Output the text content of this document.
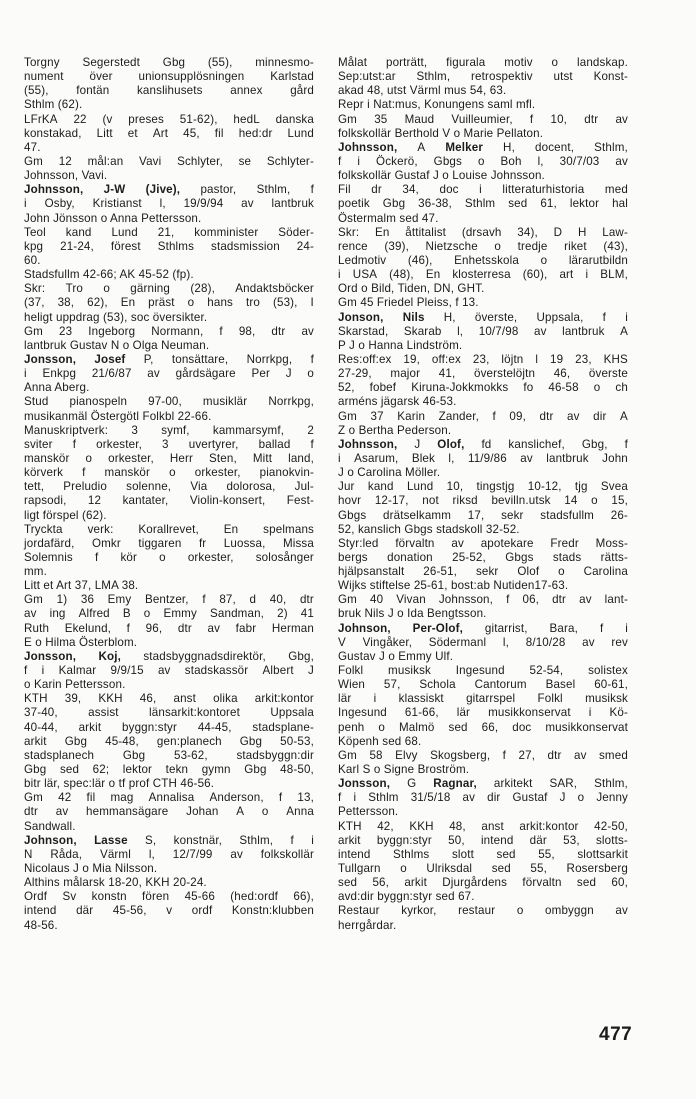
Torgny Segerstedt Gbg (55), minnesmo-
nument över unionsupplösningen Karlstad
(55), fontän kanslihusets annex gård
Sthlm (62).
LFrKA 22 (v preses 51-62), hedL danska
konstakad, Litt et Art 45, fil hed:dr Lund
47.
Gm 12 mål:an Vavi Schlyter, se Schlyter-
Johnsson, Vavi.
Johnsson, J-W (Jive), pastor, Sthlm, f
i Osby, Kristianst l, 19/9/94 av lantbruk
John Jönsson o Anna Pettersson.
Teol kand Lund 21, komminister Söder-
kpg 21-24, förest Sthlms stadsmission 24-
60.
Stadsfullm 42-66; AK 45-52 (fp).
Skr: Tro o gärning (28), Andaktsböcker
(37, 38, 62), En präst o hans tro (53), I
heligt uppdrag (53), soc översikter.
Gm 23 Ingeborg Normann, f 98, dtr av
lantbruk Gustav N o Olga Neuman.
Jonsson, Josef P, tonsättare, Norrkpg, f
i Enkpg 21/6/87 av gårdsägare Per J o
Anna Aberg.
Stud pianospeln 97-00, musiklär Norrkpg,
musikanmäl Östergötl Folkbl 22-66.
Manuskriptverk: 3 symf, kammarsymf, 2
sviter f orkester, 3 uvertyrer, ballad f
manskör o orkester, Herr Sten, Mitt land,
körverk f manskör o orkester, pianokvin-
tett, Preludio solenne, Via dolorosa, Jul-
rapsodi, 12 kantater, Violin-konsert, Fest-
ligt förspel (62).
Tryckta verk: Korallrevet, En spelmans
jordafärd, Omkr tiggaren fr Luossa, Missa
Solemnis f kör o orkester, solosånger
mm.
Litt et Art 37, LMA 38.
Gm 1) 36 Emy Bentzer, f 87, d 40, dtr
av ing Alfred B o Emmy Sandman, 2) 41
Ruth Ekelund, f 96, dtr av fabr Herman
E o Hilma Österblom.
Jonsson, Koj, stadsbyggnadsdirektör, Gbg,
f i Kalmar 9/9/15 av stadskassör Albert J
o Karin Pettersson.
KTH 39, KKH 46, anst olika arkit:kontor
37-40,	assist	länsarkit:kontoret	Uppsala
40-44, arkit byggn:styr 44-45, stadsplane-
arkit Gbg 45-48, gen:planech Gbg 50-53,
stadsplanech Gbg 53-62, stadsbyggn:dir
Gbg sed 62; lektor tekn gymn Gbg 48-50,
bitr lär, spec:lär o tf prof CTH 46-56.
Gm 42 fil mag Annalisa Anderson, f 13,
dtr av hemmansägare Johan A o Anna
Sandwall.
Johnson, Lasse S, konstnär, Sthlm, f i
N Råda, Värml l, 12/7/99 av folkskollär
Nicolaus J o Mia Nilsson.
Althins målarsk 18-20, KKH 20-24.
Ordf Sv konstn fören 45-66 (hed:ordf 66),
intend där 45-56, v ordf Konstn:klubben
48-56.
Målat porträtt, figurala motiv o landskap.
Sep:utst:ar Sthlm, retrospektiv utst Konst-
akad 48, utst Värml mus 54, 63.
Repr i Nat:mus, Konungens saml mfl.
Gm 35 Maud Vuilleumier, f 10, dtr av
folkskollär Berthold V o Marie Pellaton.
Johnsson, A Melker H, docent, Sthlm,
f i Öckerö, Gbgs o Boh l, 30/7/03 av
folkskollär Gustaf J o Louise Johnsson.
Fil dr 34, doc i litteraturhistoria med
poetik Gbg 36-38, Sthlm sed 61, lektor hal
Östermalm sed 47.
Skr: En åttitalist (drsavh 34), D H Law-
rence (39), Nietzsche o tredje riket (43),
Ledmotiv (46), Enhetsskola o lärarutbildn
i USA (48), En klosterresa (60), art i BLM,
Ord o Bild, Tiden, DN, GHT.
Gm 45 Friedel Pleiss, f 13.
Jonson, Nils H, överste, Uppsala, f i
Skarstad, Skarab l, 10/7/98 av lantbruk A
P J o Hanna Lindström.
Res:off:ex 19, off:ex 23, löjtn l 19 23, KHS
27-29, major 41, överstelöjtn 46, överste
52, fobef Kiruna-Jokkmokks fo 46-58 o ch
arméns jägarsk 46-53.
Gm 37 Karin Zander, f 09, dtr av dir A
Z o Bertha Pederson.
Johnsson, J Olof, fd kanslichef, Gbg, f
i Asarum, Blek l, 11/9/86 av lantbruk John
J o Carolina Möller.
Jur kand Lund 10, tingstjg 10-12, tjg Svea
hovr 12-17, not riksd bevilln.utsk 14 o 15,
Gbgs drätselkamm 17, sekr stadsfullm 26-
52, kanslich Gbgs stadskoll 32-52.
Styr:led förvaltn av apotekare Fredr Moss-
bergs donation 25-52, Gbgs stads rätts-
hjälpsanstalt 26-51, sekr Olof o Carolina
Wijks stiftelse 25-61, bost:ab Nutiden17-63.
Gm 40 Vivan Johnsson, f 06, dtr av lant-
bruk Nils J o Ida Bengtsson.
Johnson, Per-Olof, gitarrist, Bara, f i
V Vingåker, Södermanl l, 8/10/28 av rev
Gustav J o Emmy Ulf.
Folkl musiksk Ingesund 52-54, solistex
Wien 57, Schola Cantorum Basel 60-61,
lär i klassiskt gitarrspel Folkl musiksk
Ingesund 61-66, lär musikkonservat i Kö-
penh o Malmö sed 66, doc musikkonservat
Köpenh sed 68.
Gm 58 Elvy Skogsberg, f 27, dtr av smed
Karl S o Signe Broström.
Jonsson, G Ragnar, arkitekt SAR, Sthlm,
f i Sthlm 31/5/18 av dir Gustaf J o Jenny
Pettersson.
KTH 42, KKH 48, anst arkit:kontor 42-50,
arkit byggn:styr 50, intend där 53, slotts-
intend Sthlms slott sed 55, slottsarkit
Tullgarn o Ulriksdal sed 55, Rosersberg
sed 56, arkit Djurgårdens förvaltn sed 60,
avd:dir byggn:styr sed 67.
Restaur kyrkor, restaur o ombyggn av
herrgårdar.
477
